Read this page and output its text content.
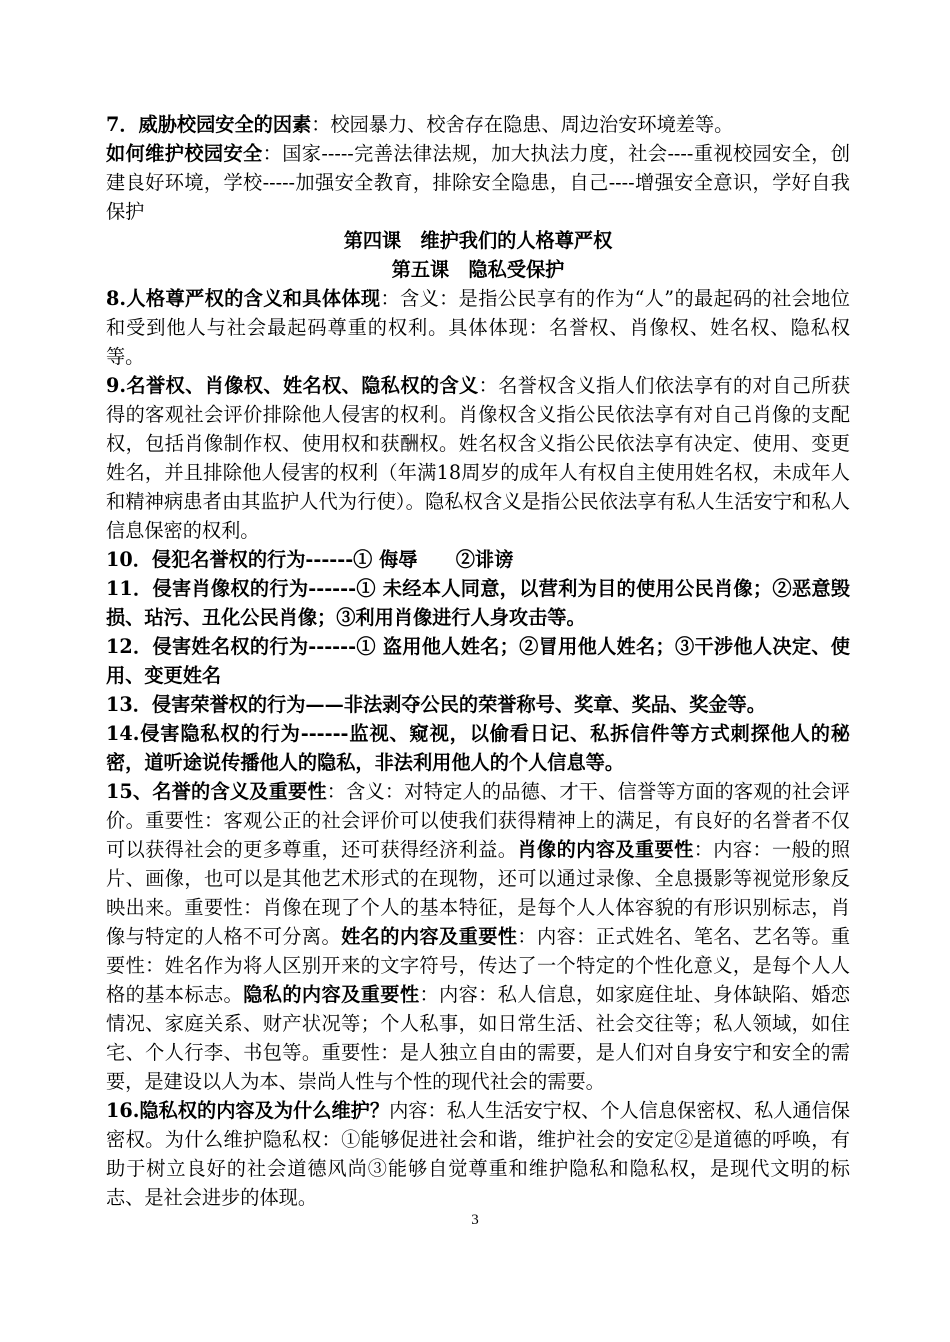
7．威胁校园安全的因素：校园暴力、校舍存在隐患、周边治安环境差等。

如何维护校园安全：国家-----完善法律法规，加大执法力度，社会----重视校园安全，创建良好环境，学校-----加强安全教育，排除安全隐患，自己----增强安全意识，学好自我保护

第四课　维护我们的人格尊严权

第五课　隐私受保护

8.人格尊严权的含义和具体体现：含义：是指公民享有的作为“人”的最起码的社会地位和受到他人与社会最起码尊重的权利。具体体现：名誉权、肖像权、姓名权、隐私权等。

9.名誉权、肖像权、姓名权、隐私权的含义：名誉权含义指人们依法享有的对自己所获得的客观社会评价排除他人侵害的权利。肖像权含义指公民依法享有对自己肖像的支配权，包括肖像制作权、使用权和获酬权。姓名权含义指公民依法享有决定、使用、变更姓名，并且排除他人侵害的权利（年满18周岁的成年人有权自主使用姓名权，未成年人和精神病患者由其监护人代为行使）。隐私权含义是指公民依法享有私人生活安宁和私人信息保密的权利。

10．侵犯名誉权的行为------① 侮辱　　②诽谤

11．侵害肖像权的行为------① 未经本人同意，以营利为目的使用公民肖像；②恶意毁损、玷污、丑化公民肖像；③利用肖像进行人身攻击等。

12．侵害姓名权的行为------① 盗用他人姓名；②冒用他人姓名；③干涉他人决定、使用、变更姓名

13．侵害荣誉权的行为——非法剥夺公民的荣誉称号、奖章、奖品、奖金等。

14.侵害隐私权的行为------监视、窥视，以偷看日记、私拆信件等方式刺探他人的秘密，道听途说传播他人的隐私，非法利用他人的个人信息等。

15、名誉的含义及重要性：含义：对特定人的品德、才干、信誉等方面的客观的社会评价。重要性：客观公正的社会评价可以使我们获得精神上的满足，有良好的名誉者不仅可以获得社会的更多尊重，还可获得经济利益。肖像的内容及重要性：内容：一般的照片、画像，也可以是其他艺术形式的在现物，还可以通过录像、全息摄影等视觉形象反映出来。重要性：肖像在现了个人的基本特征，是每个人人体容貌的有形识别标志，肖像与特定的人格不可分离。姓名的内容及重要性：内容：正式姓名、笔名、艺名等。重要性：姓名作为将人区别开来的文字符号，传达了一个特定的个性化意义，是每个人人格的基本标志。隐私的内容及重要性：内容：私人信息，如家庭住址、身体缺陷、婚恋情况、家庭关系、财产状况等；个人私事，如日常生活、社会交往等；私人领域，如住宅、个人行李、书包等。重要性：是人独立自由的需要，是人们对自身安宁和安全的需要，是建设以人为本、崇尚人性与个性的现代社会的需要。

16.隐私权的内容及为什么维护？内容：私人生活安宁权、个人信息保密权、私人通信保密权。为什么维护隐私权：①能够促进社会和谐，维护社会的安定②是道德的呼唤，有助于树立良好的社会道德风尚③能够自觉尊重和维护隐私和隐私权，是现代文明的标志、是社会进步的体现。

3
